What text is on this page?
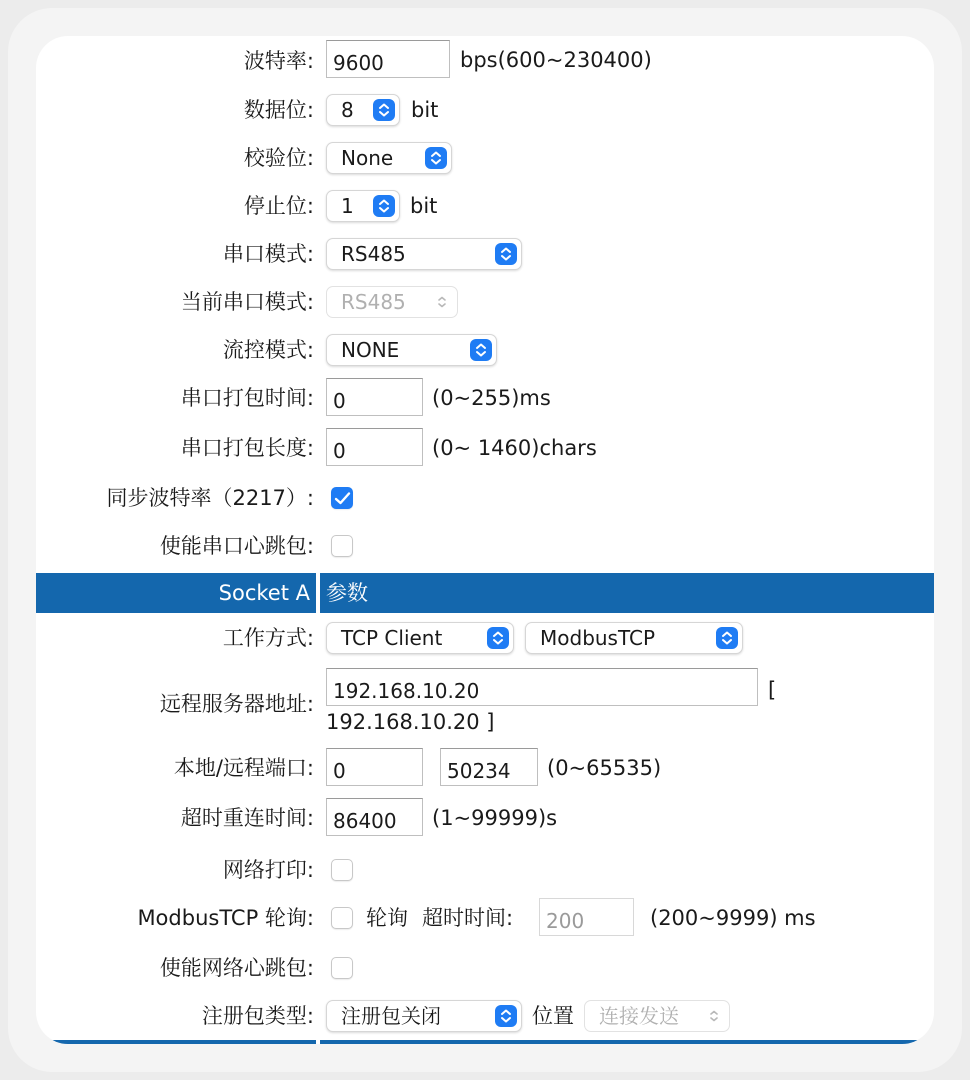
波特率: 9600	bps(600~230400)
数据位:	8	bit
校验位:	None
停止位:	1	bit
串口模式:	RS485
当前串口模式:	RS485
流控模式:	NONE
串口打包时间: 0	(0~255)ms
串口打包长度: 0	(0~ 1460)chars
同步波特率（2217）:
使能串口心跳包:
Socket A 参数
工作方式:	TCP Client	ModbusTCP
远程服务器地址:
192.168.10.20	[
192.168.10.20 ]
本地/远程端口: 0	50234	(0~65535)
超时重连时间: 86400	(1~99999)s
网络打印:
ModbusTCP 轮询: 轮询 超时时间:	200	(200~9999) ms
使能网络心跳包:
注册包类型:	注册包关闭	位置	连接发送
